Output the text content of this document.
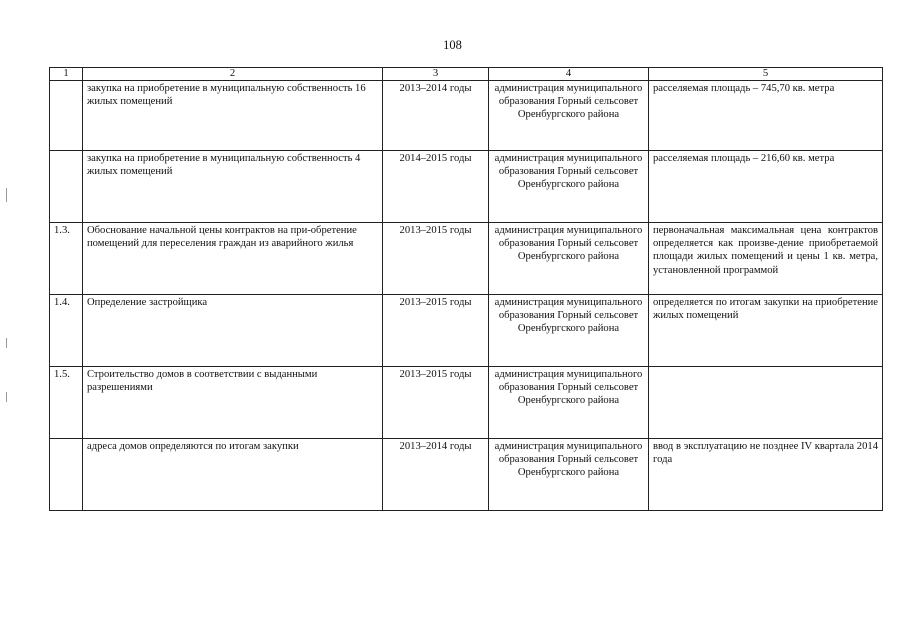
108
1	2	3	4	5
	закупка на приобретение в муниципальную собственность 16 жилых помещений	2013–2014 годы	администрация муниципального образования Горный сельсовет Оренбургского района	расселяемая площадь – 745,70 кв. метра
	закупка на приобретение в муниципальную собственность 4 жилых помещений	2014–2015 годы	администрация муниципального образования Горный сельсовет Оренбургского района	расселяемая площадь – 216,60 кв. метра
1.3.	Обоснование начальной цены контрактов на при-обретение помещений для переселения граждан из аварийного жилья	2013–2015 годы	администрация муниципального образования Горный сельсовет Оренбургского района	первоначальная максимальная цена контрактов определяется как произве-дение приобретаемой площади жилых помещений и цены 1 кв. метра, установленной программой
1.4.	Определение застройщика	2013–2015 годы	администрация муниципального образования Горный сельсовет Оренбургского района	определяется по итогам закупки на приобретение жилых помещений
1.5.	Строительство домов в соответствии с выданными разрешениями	2013–2015 годы	администрация муниципального образования Горный сельсовет Оренбургского района	
	адреса домов определяются по итогам закупки	2013–2014 годы	администрация муниципального образования Горный сельсовет Оренбургского района	ввод в эксплуатацию не позднее IV квартала 2014 года
